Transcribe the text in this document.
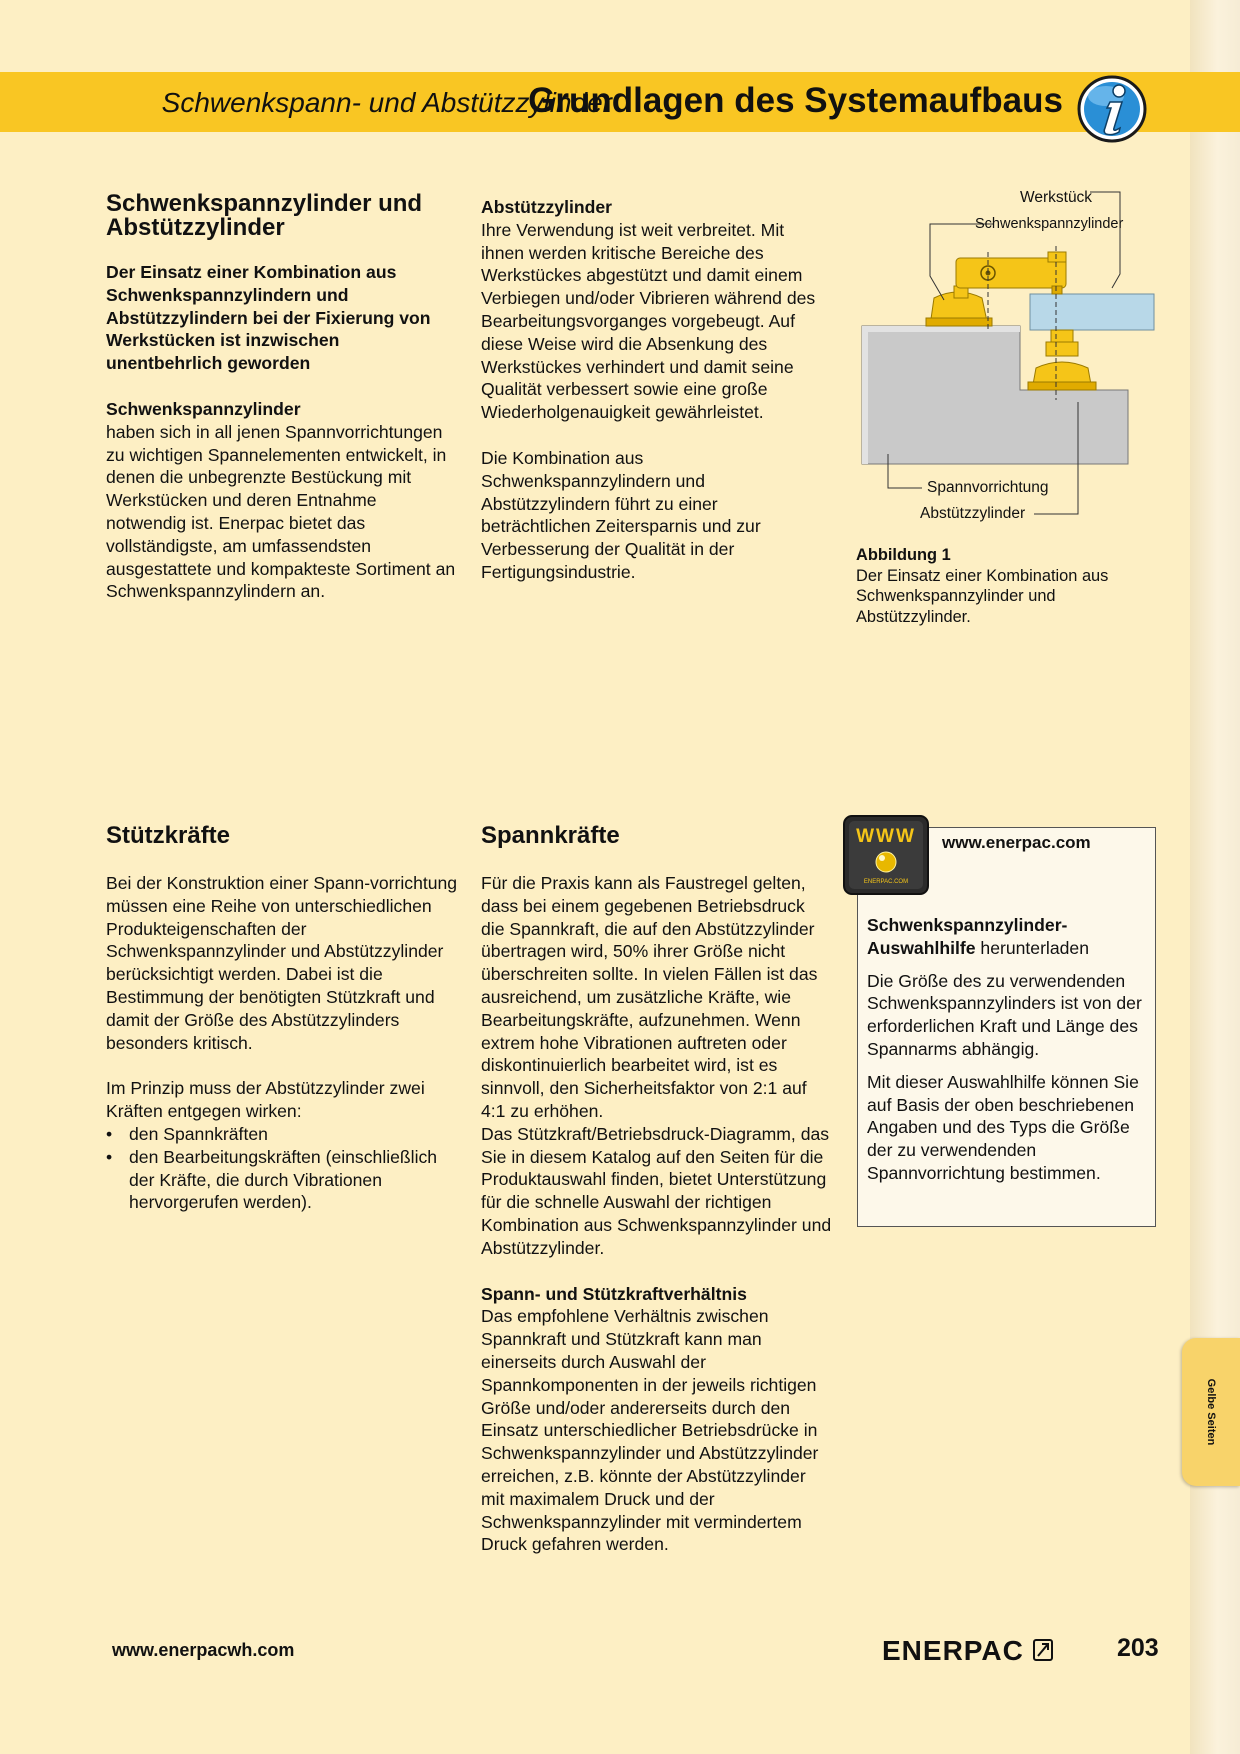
Gelbe Seiten
Schwenkspann- und Abstützzylinder
Grundlagen des Systemaufbaus

Schwenkspannzylinder und Abstützzylinder

Der Einsatz einer Kombination aus Schwenkspannzylindern und Abstützzylindern bei der Fixierung von Werkstücken ist inzwischen unentbehrlich geworden

Schwenkspannzylinder

haben sich in all jenen Spannvorrichtungen zu wichtigen Spannelementen entwickelt, in denen die unbegrenzte Bestückung mit Werkstücken und deren Entnahme notwendig ist. Enerpac bietet das vollständigste, am umfassendsten ausgestattete und kompakteste Sortiment an Schwenkspannzylindern an.

Abstützzylinder

Ihre Verwendung ist weit verbreitet. Mit ihnen werden kritische Bereiche des Werkstückes abgestützt und damit einem Verbiegen und/oder Vibrieren während des Bearbeitungsvorganges vorgebeugt. Auf diese Weise wird die Absenkung des Werkstückes verhindert und damit seine Qualität verbessert sowie eine große Wiederholgenauigkeit gewährleistet.

Die Kombination aus Schwenkspannzylindern und Abstützzylindern führt zu einer beträchtlichen Zeitersparnis und zur Verbesserung der Qualität in der Fertigungsindustrie.

Werkstück
Schwenkspannzylinder
Spannvorrichtung
Abstützzylinder
Abbildung 1
Der Einsatz einer Kombination aus Schwenkspannzylinder und Abstützzylinder.

Stützkräfte

Bei der Konstruktion einer Spann-vorrichtung müssen eine Reihe von unterschiedlichen Produkteigenschaften der Schwenkspannzylinder und Abstützzylinder berücksichtigt werden. Dabei ist die Bestimmung der benötigten Stützkraft und damit der Größe des Abstützzylinders besonders kritisch.

Im Prinzip muss der Abstützzylinder zwei Kräften entgegen wirken:

• den Spannkräften
• den Bearbeitungskräften (einschließlich der Kräfte, die durch Vibrationen hervorgerufen werden).

Spannkräfte

Für die Praxis kann als Faustregel gelten, dass bei einem gegebenen Betriebsdruck die Spannkraft, die auf den Abstützzylinder übertragen wird, 50% ihrer Größe nicht überschreiten sollte. In vielen Fällen ist das ausreichend, um zusätzliche Kräfte, wie Bearbeitungskräfte, aufzunehmen. Wenn extrem hohe Vibrationen auftreten oder diskontinuierlich bearbeitet wird, ist es sinnvoll, den Sicherheitsfaktor von 2:1 auf 4:1 zu erhöhen.

Das Stützkraft/Betriebsdruck-Diagramm, das Sie in diesem Katalog auf den Seiten für die Produktauswahl finden, bietet Unterstützung für die schnelle Auswahl der richtigen Kombination aus Schwenkspannzylinder und Abstützzylinder.

Spann- und Stützkraftverhältnis

Das empfohlene Verhältnis zwischen Spannkraft und Stützkraft kann man einerseits durch Auswahl der Spannkomponenten in der jeweils richtigen Größe und/oder andererseits durch den Einsatz unterschiedlicher Betriebsdrücke in Schwenkspannzylinder und Abstützzylinder erreichen, z.B. könnte der Abstützzylinder mit maximalem Druck und der Schwenkspannzylinder mit vermindertem Druck gefahren werden.

WWW
ENERPAC.COM
www.enerpac.com

Schwenkspannzylinder-Auswahlhilfe herunterladen

Die Größe des zu verwendenden Schwenkspannzylinders ist von der erforderlichen Kraft und Länge des Spannarms abhängig.

Mit dieser Auswahlhilfe können Sie auf Basis der oben beschriebenen Angaben und des Typs die Größe der zu verwendenden Spannvorrichtung bestimmen.

www.enerpacwh.com	ENERPAC	203
